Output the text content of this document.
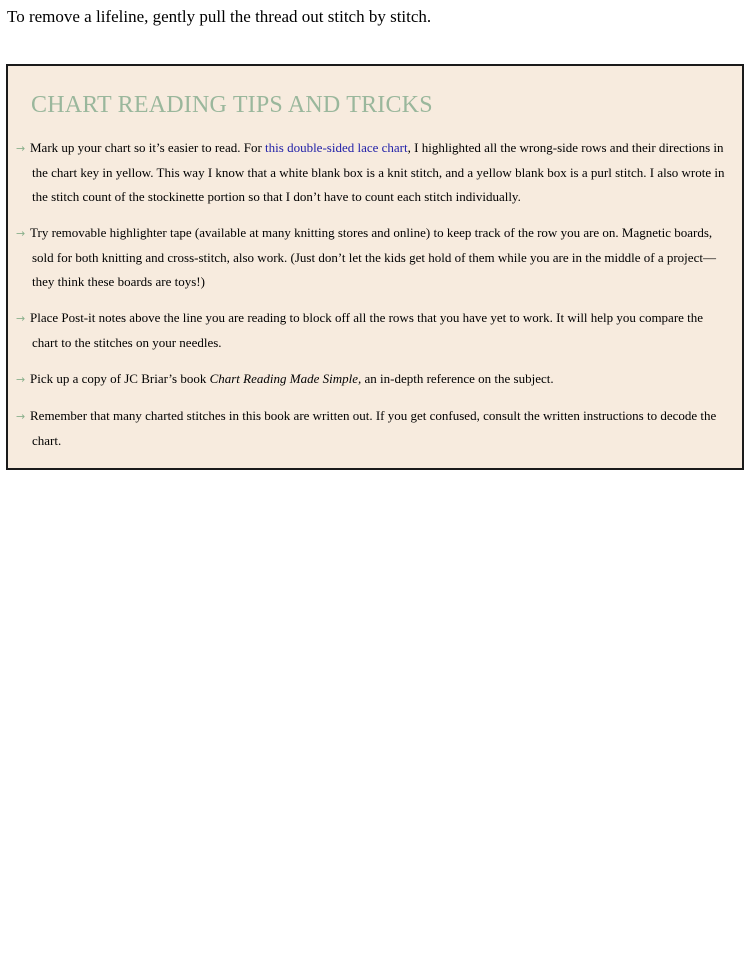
To remove a lifeline, gently pull the thread out stitch by stitch.

CHART READING TIPS AND TRICKS
→ Mark up your chart so it’s easier to read. For this double-sided lace chart, I highlighted all the wrong-side rows and their directions in the chart key in yellow. This way I know that a white blank box is a knit stitch, and a yellow blank box is a purl stitch. I also wrote in the stitch count of the stockinette portion so that I don’t have to count each stitch individually.
→ Try removable highlighter tape (available at many knitting stores and online) to keep track of the row you are on. Magnetic boards, sold for both knitting and cross-stitch, also work. (Just don’t let the kids get hold of them while you are in the middle of a project—they think these boards are toys!)
→ Place Post-it notes above the line you are reading to block off all the rows that you have yet to work. It will help you compare the chart to the stitches on your needles.
→ Pick up a copy of JC Briar’s book Chart Reading Made Simple, an in-depth reference on the subject.
→ Remember that many charted stitches in this book are written out. If you get confused, consult the written instructions to decode the chart.
